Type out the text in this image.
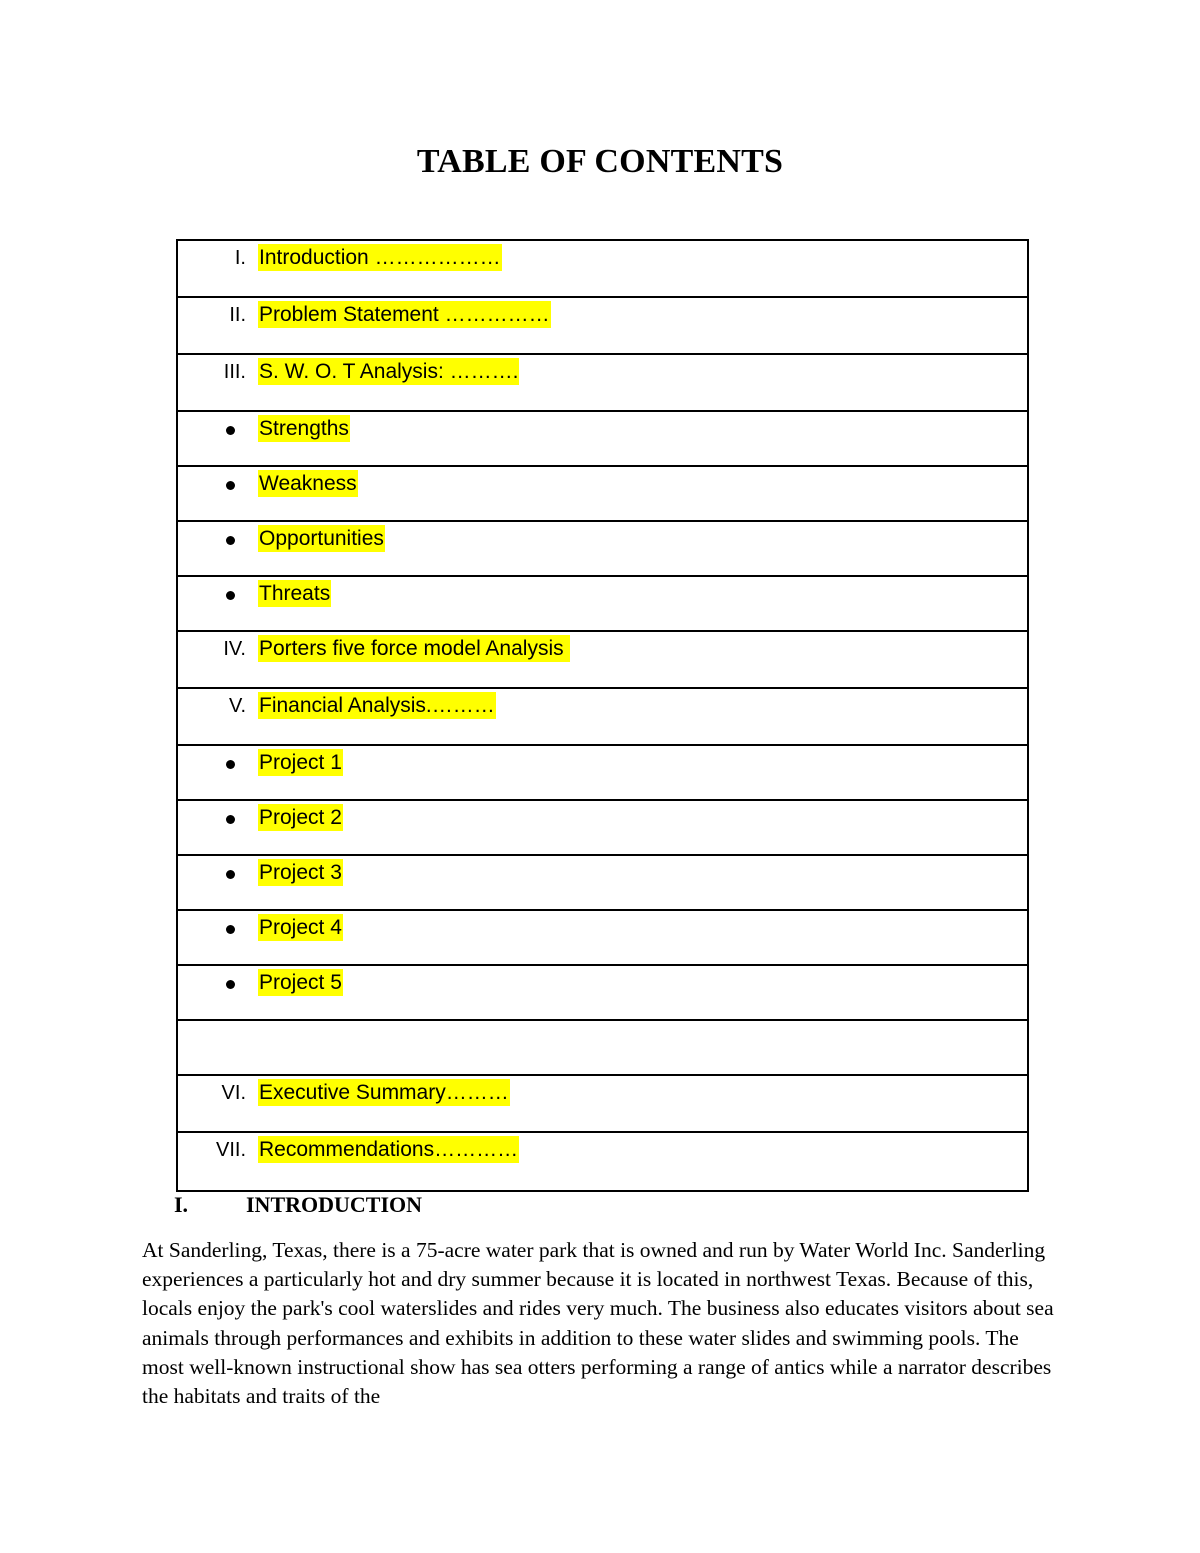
TABLE OF CONTENTS
I. Introduction ………………
II. Problem Statement ……………
III. S. W. O. T Analysis: ……….
Strengths
Weakness
Opportunities
Threats
IV. Porters five force model Analysis
V. Financial Analysis.………
Project 1
Project 2
Project 3
Project 4
Project 5
VI. Executive Summary………
VII. Recommendations…………
I.	INTRODUCTION

At Sanderling, Texas, there is a 75-acre water park that is owned and run by Water World Inc. Sanderling experiences a particularly hot and dry summer because it is located in northwest Texas. Because of this, locals enjoy the park's cool waterslides and rides very much. The business also educates visitors about sea animals through performances and exhibits in addition to these water slides and swimming pools. The most well-known instructional show has sea otters performing a range of antics while a narrator describes the habitats and traits of the
